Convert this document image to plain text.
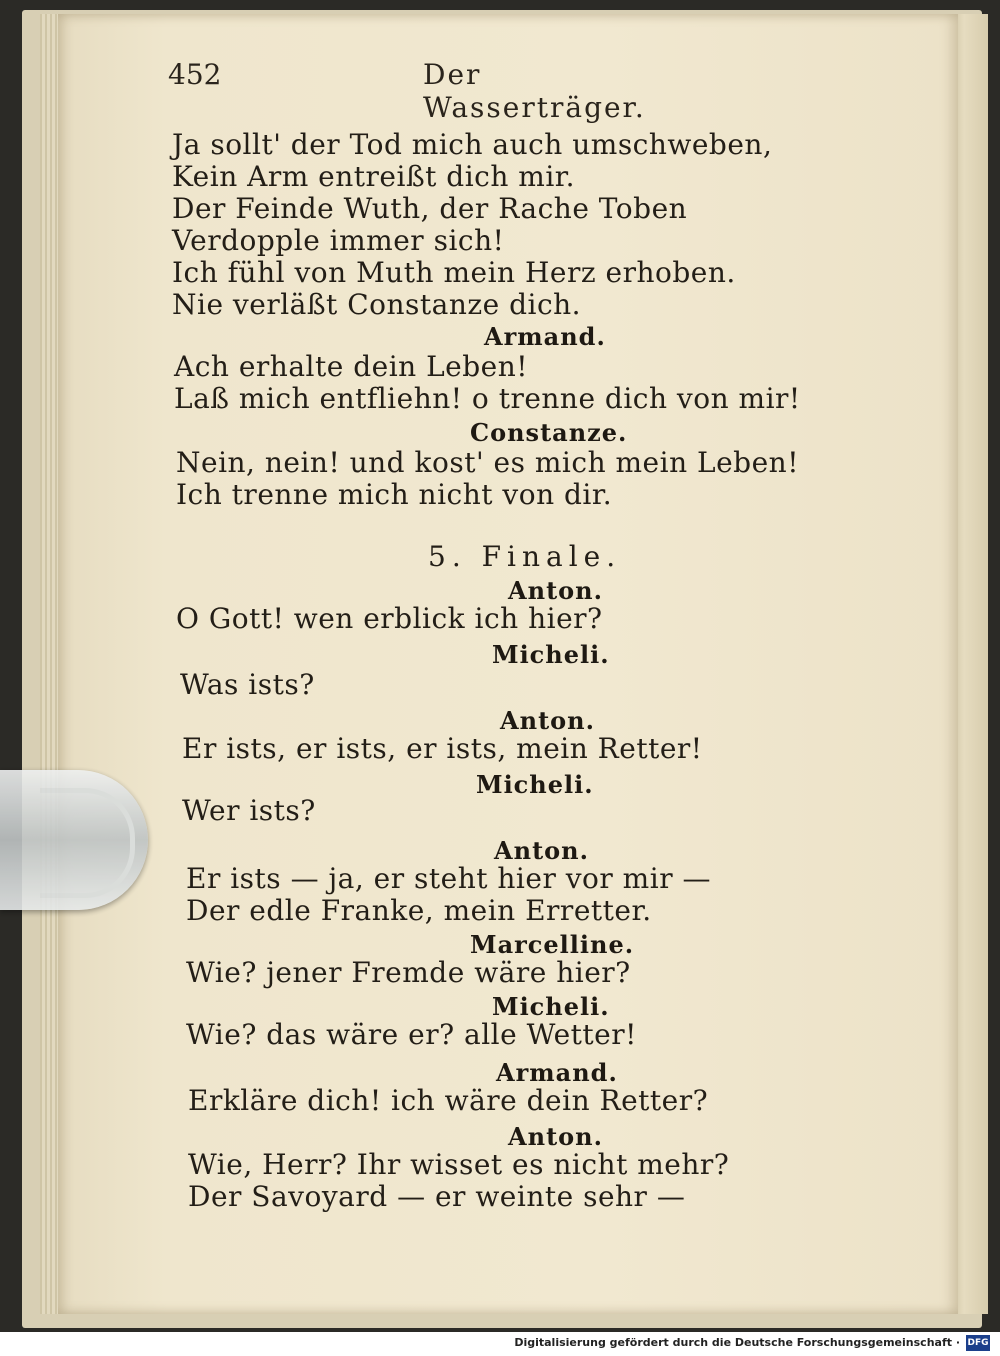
452	Der Wasserträger.
Ja sollt' der Tod mich auch umschweben,
Kein Arm entreißt dich mir.
Der Feinde Wuth, der Rache Toben
Verdopple immer sich!
Ich fühl von Muth mein Herz erhoben.
Nie verläßt Constanze dich.
Armand.
Ach erhalte dein Leben!
Laß mich entfliehn! o trenne dich von mir!
Constanze.
Nein, nein! und kost' es mich mein Leben!
Ich trenne mich nicht von dir.
5. Finale.
Anton.
O Gott! wen erblick ich hier?
Micheli.
Was ists?
Anton.
Er ists, er ists, er ists, mein Retter!
Micheli.
Wer ists?
Anton.
Er ists — ja, er steht hier vor mir —
Der edle Franke, mein Erretter.
Marcelline.
Wie? jener Fremde wäre hier?
Micheli.
Wie? das wäre er? alle Wetter!
Armand.
Erkläre dich! ich wäre dein Retter?
Anton.
Wie, Herr? Ihr wisset es nicht mehr?
Der Savoyard — er weinte sehr —
Digitalisierung gefördert durch die Deutsche Forschungsgemeinschaft · DFG
